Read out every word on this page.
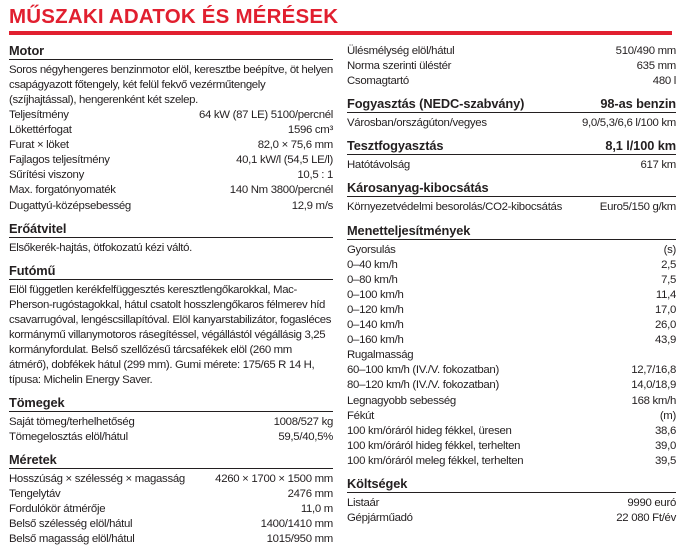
MŰSZAKI ADATOK ÉS MÉRÉSEK
Motor

Soros négyhengeres benzinmotor elöl, keresztbe beépítve, öt helyen csapágyazott főtengely, két felül fekvő vezérműtengely (szíjhajtással), hengerenként két szelep.

Teljesítmény	64 kW (87 LE) 5100/percnél
Lökettérfogat	1596 cm³
Furat × löket	82,0 × 75,6 mm
Fajlagos teljesítmény	40,1 kW/l (54,5 LE/l)
Sűrítési viszony	10,5 : 1
Max. forgatónyomaték	140 Nm 3800/percnél
Dugattyú-középsebesség	12,9 m/s
Erőátvitel

Elsőkerék-hajtás, ötfokozatú kézi váltó.

Futómű

Elöl független kerékfelfüggesztés keresztlengőkarokkal, Mac-Pherson-rugóstagokkal, hátul csatolt hosszlengőkaros félmerev híd csavarrugóval, lengéscsillapítóval. Elöl kanyarstabilizátor, fogasléces kormánymű villanymotoros rásegítéssel, végállástól végállásig 3,25 kormányfordulat. Belső szellőzésű tárcsafékek elöl (260 mm átmérő), dobfékek hátul (299 mm). Gumi mérete: 175/65 R 14 H, típusa: Michelin Energy Saver.

Tömegek
Saját tömeg/terhelhetőség	1008/527 kg
Tömegelosztás elöl/hátul	59,5/40,5%
Méretek
Hosszúság × szélesség × magasság	4260 × 1700 × 1500 mm
Tengelytáv	2476 mm
Fordulókör átmérője	11,0 m
Belső szélesség elöl/hátul	1400/1410 mm
Belső magasság elöl/hátul	1015/950 mm
Ülésmélység elöl/hátul	510/490 mm
Norma szerinti üléstér	635 mm
Csomagtartó	480 l
Fogyasztás (NEDC-szabvány)	98-as benzin
Városban/országúton/vegyes	9,0/5,3/6,6 l/100 km
Tesztfogyasztás	8,1 l/100 km
Hatótávolság	617 km
Károsanyag-kibocsátás
Környezetvédelmi besorolás/CO2-kibocsátás	Euro5/150 g/km
Menetteljesítmények
Gyorsulás	(s)
0–40 km/h	2,5
0–80 km/h	7,5
0–100 km/h	11,4
0–120 km/h	17,0
0–140 km/h	26,0
0–160 km/h	43,9
Rugalmasság
60–100 km/h (IV./V. fokozatban)	12,7/16,8
80–120 km/h (IV./V. fokozatban)	14,0/18,9
Legnagyobb sebesség	168 km/h
Fékút	(m)
100 km/óráról hideg fékkel, üresen	38,6
100 km/óráról hideg fékkel, terhelten	39,0
100 km/óráról meleg fékkel, terhelten	39,5
Költségek
Listaár	9990 euró
Gépjárműadó	22 080 Ft/év
